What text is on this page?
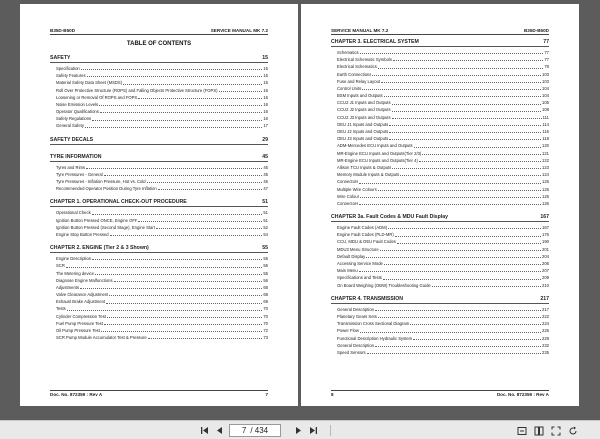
B35D-B50D	SERVICE MANUAL MK 7.2
TABLE OF CONTENTS
SAFETY	15
Specification	15
Safety Features	15
Material Safety Data Sheet (MSDS)	15
Roll Over Protective Structure (ROPS) and Falling Objects Protective Structure (FOPS)	16
Loosening or Removal Of ROPS and FOPS	16
Noise Emission Levels	16
Operator Qualifications	16
Safety Regulations	16
General Safety	17
SAFETY DECALS	29
TYRE INFORMATION	45
Tyres and Rims	45
Tyre Pressures - General	45
Tyre Pressures - Inflation Pressure, Hot vs. Cold	45
Recommended Operator Position During Tyre Inflation	47
CHAPTER 1. OPERATIONAL CHECK-OUT PROCEDURE	51
Operational Check	51
Ignition Button Pressed ONCE, Engine OFF	51
Ignition Button Pressed (Second Stage), Engine Start	52
Engine Stop Button Pressed	54
CHAPTER 2. ENGINE (Tier 2 & 3 Shown)	55
Engine Description	55
SCR	55
The Metering device	55
Diagnose Engine Malfunctions	56
Adjustments	68
Valve Clearance Adjustment	68
Exhaust Brake Adjustment	69
Tests	70
Cylinder Compression Test	70
Fuel Pump Pressure Test	70
Oil Pump Pressure Test	72
SCR Pump Module Accumulator Test & Pressure	73
Doc. No. 872359 : Rev A	7
SERVICE MANUAL MK 7.2	B35D-B50D
CHAPTER 3. ELECTRICAL SYSTEM	77
Schematics	77
Electrical Schematic Symbols	77
Electrical Schematics	78
Earth Connections	103
Fuse and Relay Layout	103
Control Units	104
BSM Inputs and Outputs	104
CCU2 J1 Inputs and Outputs	105
CCU2 J2 Inputs and Outputs	108
CCU2 J3 Inputs and Outputs	111
OEU J1 Inputs and Outputs	114
OEU J2 Inputs and Outputs	116
OEU J3 Inputs and Outputs	118
ADM-Mercedes ECU Inputs and Outputs	120
MR-Engine ECU Inputs and Outputs(Tier 2/3)	121
MR-Engine ECU Inputs and Outputs(Tier 4)	122
Allison TCU Inputs & Outputs	123
Memory Module Inputs & Outputs	124
Connectors	125
Multiple Wire Colours	125
Wire Colour	125
Connectors	126
CHAPTER 3a. Fault Codes & MDU Fault Display	167
Engine Fault Codes (ADM)	167
Engine Fault Codes (PLD-MR)	176
CCU, MDU & OEU Fault Codes	190
MDU3 Menu Structure	201
Default Display	204
Accessing Service Mode	206
Main Menu	207
Specifications and Tests	209
On Board Weighing (OBW) Troubleshooting Guide	210
CHAPTER 4. TRANSMISSION	217
General Description	217
Planetary Gears Sets	222
Transmission Cross Sectional Diagram	224
Power Flow	225
Functional Description Hydraulic System	229
General Description	232
Speed Sensors	235
8	Doc. No. 872359 : Rev A
7 / 434
